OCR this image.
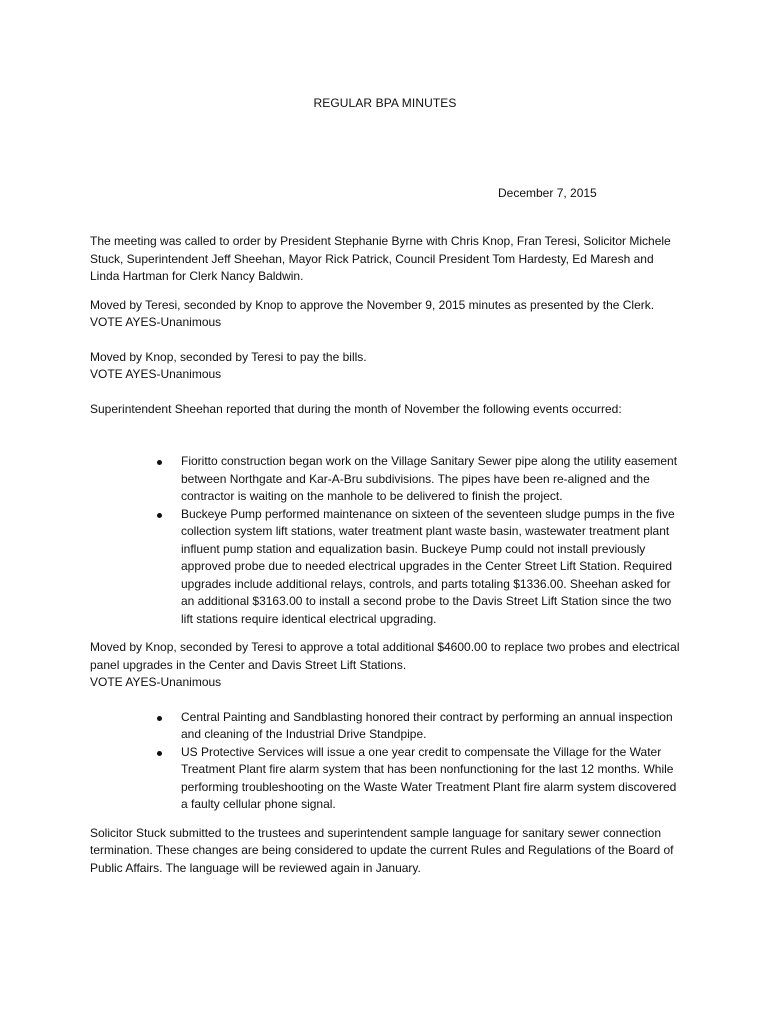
REGULAR BPA MINUTES
December 7, 2015

The meeting was called to order by President Stephanie Byrne with Chris Knop, Fran Teresi, Solicitor Michele Stuck, Superintendent Jeff Sheehan, Mayor Rick Patrick, Council President Tom Hardesty, Ed Maresh and Linda Hartman for Clerk Nancy Baldwin.

Moved by Teresi, seconded by Knop to approve the November 9, 2015 minutes as presented by the Clerk.

VOTE AYES-Unanimous

Moved by Knop, seconded by Teresi to pay the bills.

VOTE AYES-Unanimous

Superintendent Sheehan reported that during the month of November the following events occurred:

Fioritto construction began work on the Village Sanitary Sewer pipe along the utility easement between Northgate and Kar-A-Bru subdivisions. The pipes have been re-aligned and the contractor is waiting on the manhole to be delivered to finish the project.
Buckeye Pump performed maintenance on sixteen of the seventeen sludge pumps in the five collection system lift stations, water treatment plant waste basin, wastewater treatment plant influent pump station and equalization basin. Buckeye Pump could not install previously approved probe due to needed electrical upgrades in the Center Street Lift Station. Required upgrades include additional relays, controls, and parts totaling $1336.00. Sheehan asked for an additional $3163.00 to install a second probe to the Davis Street Lift Station since the two lift stations require identical electrical upgrading.

Moved by Knop, seconded by Teresi to approve a total additional $4600.00 to replace two probes and electrical panel upgrades in the Center and Davis Street Lift Stations.

VOTE AYES-Unanimous

Central Painting and Sandblasting honored their contract by performing an annual inspection and cleaning of the Industrial Drive Standpipe.
US Protective Services will issue a one year credit to compensate the Village for the Water Treatment Plant fire alarm system that has been nonfunctioning for the last 12 months. While performing troubleshooting on the Waste Water Treatment Plant fire alarm system discovered a faulty cellular phone signal.

Solicitor Stuck submitted to the trustees and superintendent sample language for sanitary sewer connection termination. These changes are being considered to update the current Rules and Regulations of the Board of Public Affairs. The language will be reviewed again in January.
